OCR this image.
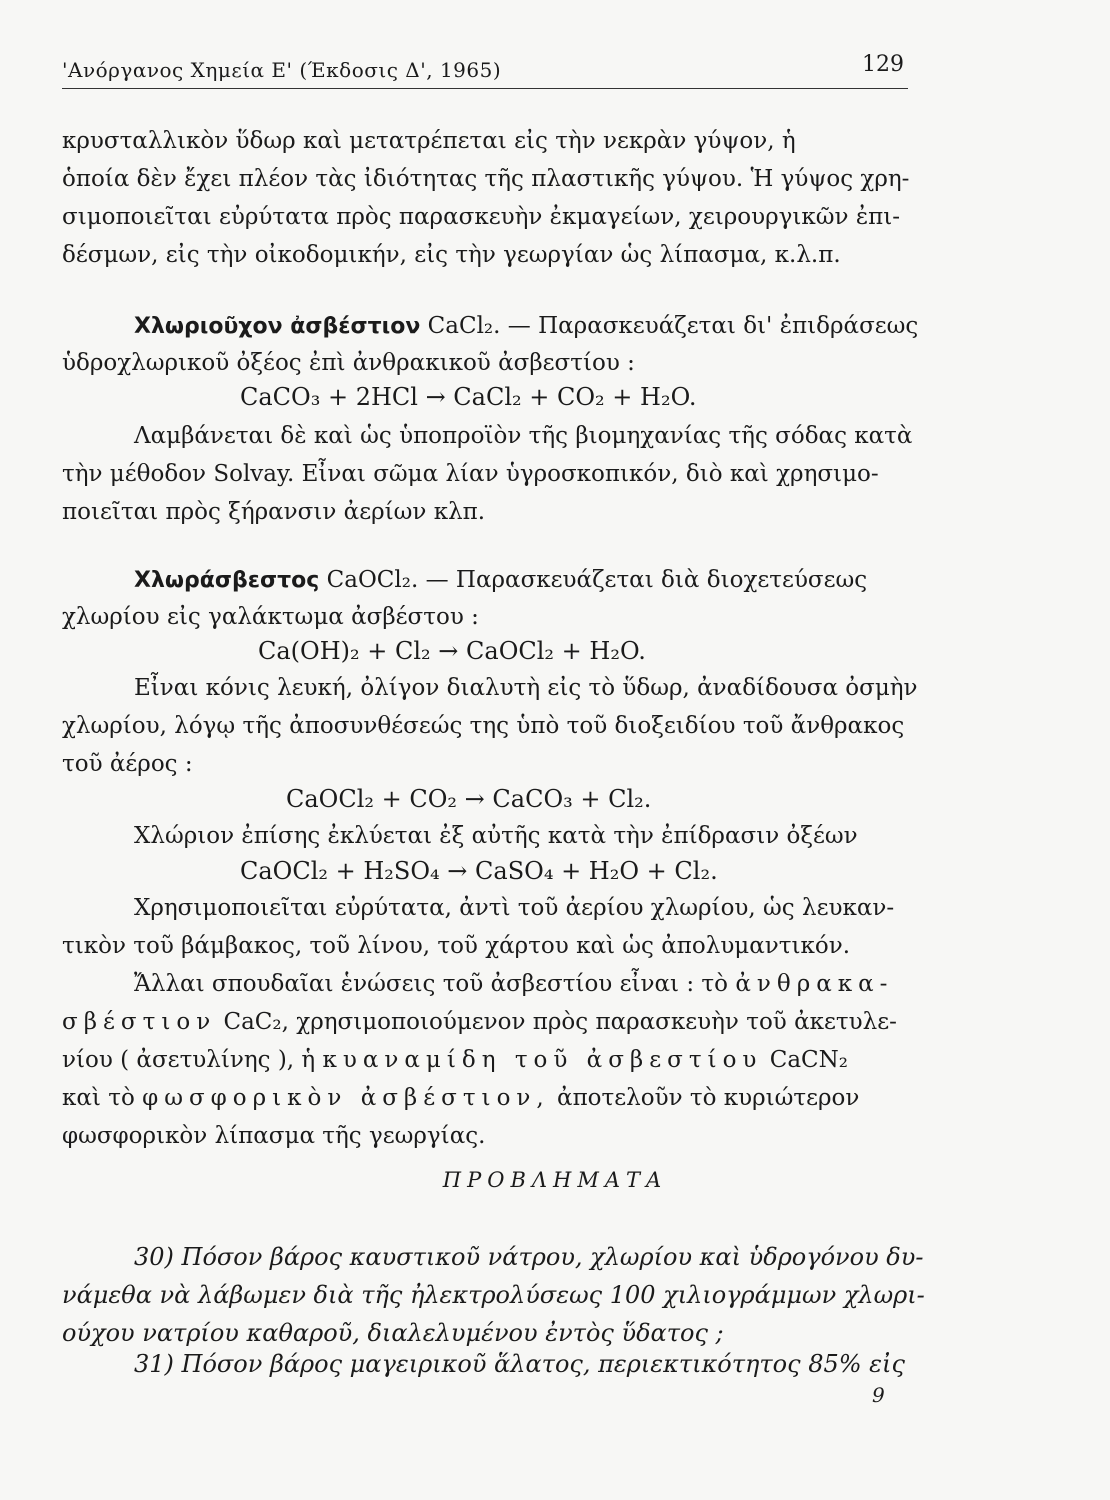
'Ανόργανος Χημεία Ε' (Έκδοσις Δ', 1965)	129
κρυσταλλικὸν ὕδωρ καὶ μετατρέπεται εἰς τὴν νεκρὰν γύψον, ἡ
ὁποία δὲν ἔχει πλέον τὰς ἰδιότητας τῆς πλαστικῆς γύψου. Ἡ γύψος χρη-
σιμοποιεῖται εὐρύτατα πρὸς παρασκευὴν ἐκμαγείων, χειρουργικῶν ἐπι-
δέσμων, εἰς τὴν οἰκοδομικήν, εἰς τὴν γεωργίαν ὡς λίπασμα, κ.λ.π.
Χλωριοῦχον ἀσβέστιον CaCl₂. — Παρασκευάζεται δι' ἐπιδράσεως
ὑδροχλωρικοῦ ὀξέος ἐπὶ ἀνθρακικοῦ ἀσβεστίου :
CaCO₃ + 2HCl → CaCl₂ + CO₂ + H₂O.
Λαμβάνεται δὲ καὶ ὡς ὑποπροϊὸν τῆς βιομηχανίας τῆς σόδας κατὰ
τὴν μέθοδον Solvay. Εἶναι σῶμα λίαν ὑγροσκοπικόν, διὸ καὶ χρησιμο-
ποιεῖται πρὸς ξήρανσιν ἀερίων κλπ.
Χλωράσβεστος CaOCl₂. — Παρασκευάζεται διὰ διοχετεύσεως
χλωρίου εἰς γαλάκτωμα ἀσβέστου :
Ca(OH)₂ + Cl₂ → CaOCl₂ + H₂O.
Εἶναι κόνις λευκή, ὀλίγον διαλυτὴ εἰς τὸ ὕδωρ, ἀναδίδουσα ὀσμὴν
χλωρίου, λόγῳ τῆς ἀποσυνθέσεώς της ὑπὸ τοῦ διοξειδίου τοῦ ἄνθρακος
τοῦ ἀέρος :
CaOCl₂ + CO₂ → CaCO₃ + Cl₂.
Χλώριον ἐπίσης ἐκλύεται ἐξ αὐτῆς κατὰ τὴν ἐπίδρασιν ὀξέων
CaOCl₂ + H₂SO₄ → CaSO₄ + H₂O + Cl₂.
Χρησιμοποιεῖται εὐρύτατα, ἀντὶ τοῦ ἀερίου χλωρίου, ὡς λευκαν-
τικὸν τοῦ βάμβακος, τοῦ λίνου, τοῦ χάρτου καὶ ὡς ἀπολυμαντικόν.
Ἄλλαι σπουδαῖαι ἑνώσεις τοῦ ἀσβεστίου εἶναι : τὸ ἀνθρακα-
σβέστιον CaC₂, χρησιμοποιούμενον πρὸς παρασκευὴν τοῦ ἀκετυλε-
νίου ( ἀσετυλίνης ), ἡ κυαναμίδη τοῦ ἀσβεστίου CaCN₂
καὶ τὸ φωσφορικὸν ἀσβέστιον, ἀποτελοῦν τὸ κυριώτερον
φωσφορικὸν λίπασμα τῆς γεωργίας.
ΠΡΟΒΛΗΜΑΤΑ
30) Πόσον βάρος καυστικοῦ νάτρου, χλωρίου καὶ ὑδρογόνου δυ-
νάμεθα νὰ λάβωμεν διὰ τῆς ἠλεκτρολύσεως 100 χιλιογράμμων χλωρι-
ούχου νατρίου καθαροῦ, διαλελυμένου ἐντὸς ὕδατος ;
31) Πόσον βάρος μαγειρικοῦ ἅλατος, περιεκτικότητος 85% εἰς
9
